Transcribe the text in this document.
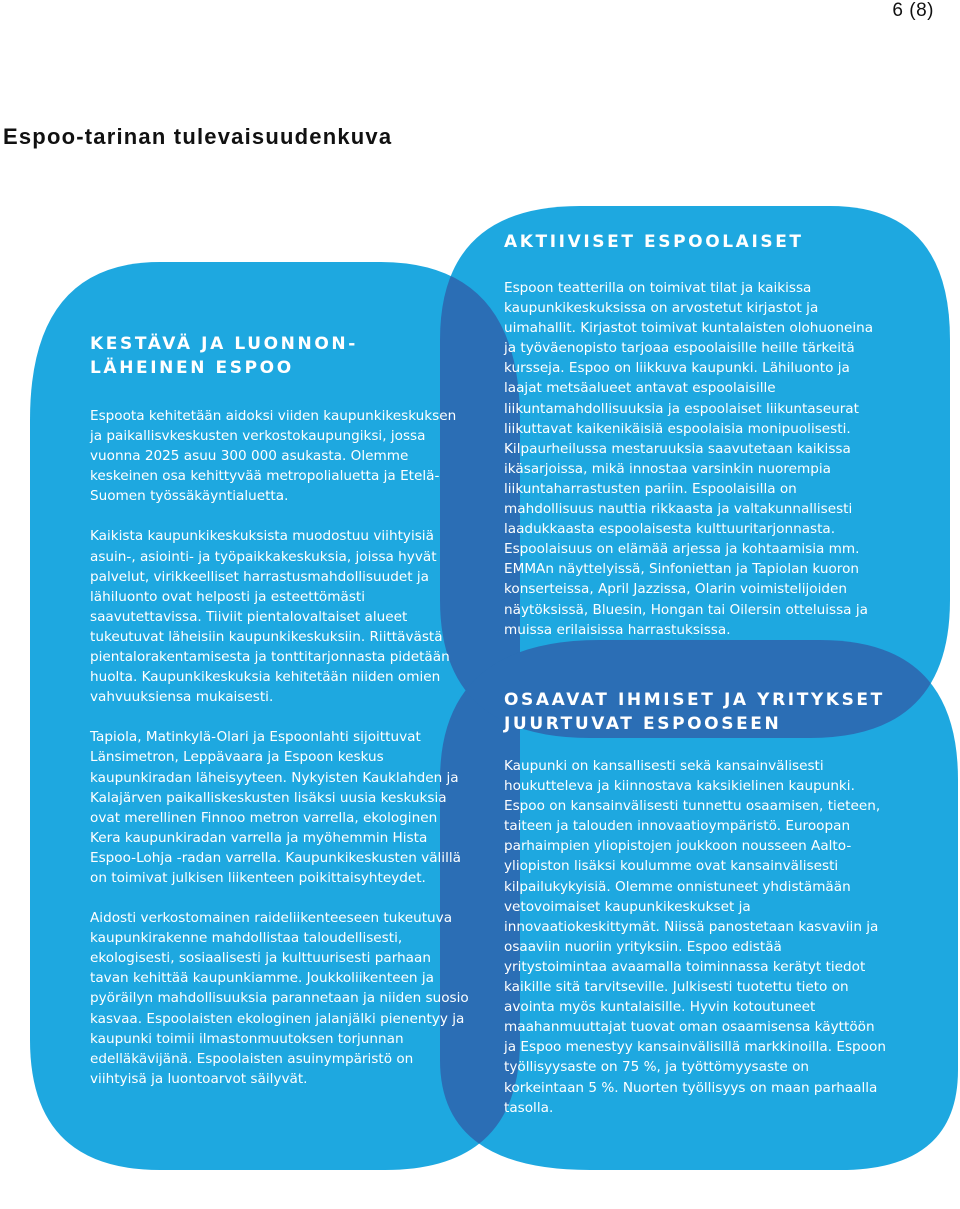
6 (8)
Espoo-tarinan tulevaisuudenkuva
KESTÄVÄ JA LUONNON-
LÄHEINEN ESPOO

Espoota kehitetään aidoksi viiden kaupunkikeskuksen ja paikallisvkeskusten verkostokaupungiksi, jossa vuonna 2025 asuu 300 000 asukasta. Olemme keskeinen osa kehittyvää metropolialuetta ja Etelä-Suomen työssäkäyntialuetta.

Kaikista kaupunkikeskuksista muodostuu viihtyisiä asuin-, asiointi- ja työpaikkakeskuksia, joissa hyvät palvelut, virikkeelliset harrastusmahdollisuudet ja lähiluonto ovat helposti ja esteettömästi saavutettavissa. Tiiviit pientalovaltaiset alueet tukeutuvat läheisiin kaupunkikeskuksiin. Riittävästä pientalorakentamisesta ja tonttitarjonnasta pidetään huolta. Kaupunkikeskuksia kehitetään niiden omien vahvuuksiensa mukaisesti.

Tapiola, Matinkylä-Olari ja Espoonlahti sijoittuvat Länsimetron, Leppävaara ja Espoon keskus kaupunkiradan läheisyyteen. Nykyisten Kauklahden ja Kalajärven paikalliskeskusten lisäksi uusia keskuksia ovat merellinen Finnoo metron varrella, ekologinen Kera kaupunkiradan varrella ja myöhemmin Hista Espoo-Lohja -radan varrella. Kaupunkikeskusten välillä on toimivat julkisen liikenteen poikittaisyhteydet.

Aidosti verkostomainen raideliikenteeseen tukeutuva kaupunkirakenne mahdollistaa taloudellisesti, ekologisesti, sosiaalisesti ja kulttuurisesti parhaan tavan kehittää kaupunkiamme. Joukkoliikenteen ja pyöräilyn mahdollisuuksia parannetaan ja niiden suosio kasvaa. Espoolaisten ekologinen jalanjälki pienentyy ja kaupunki toimii ilmastonmuutoksen torjunnan edelläkävijänä. Espoolaisten asuinympäristö on viihtyisä ja luontoarvot säilyvät.

AKTIIVISET ESPOOLAISET

Espoon teatterilla on toimivat tilat ja kaikissa kaupunkikeskuksissa on arvostetut kirjastot ja uimahallit. Kirjastot toimivat kuntalaisten olohuoneina ja työväenopisto tarjoaa espoolaisille heille tärkeitä kursseja. Espoo on liikkuva kaupunki. Lähiluonto ja laajat metsäalueet antavat espoolaisille liikuntamahdollisuuksia ja espoolaiset liikuntaseurat liikuttavat kaikenikäisiä espoolaisia monipuolisesti. Kilpaurheilussa mestaruuksia saavutetaan kaikissa ikäsarjoissa, mikä innostaa varsinkin nuorempia liikuntaharrastusten pariin. Espoolaisilla on mahdollisuus nauttia rikkaasta ja valtakunnallisesti laadukkaasta espoolaisesta kulttuuritarjonnasta. Espoolaisuus on elämää arjessa ja kohtaamisia mm. EMMAn näyttelyissä, Sinfoniettan ja Tapiolan kuoron konserteissa, April Jazzissa, Olarin voimistelijoiden näytöksissä, Bluesin, Hongan tai Oilersin otteluissa ja muissa erilaisissa harrastuksissa.

OSAAVAT IHMISET JA YRITYKSET
JUURTUVAT ESPOOSEEN

Kaupunki on kansallisesti sekä kansainvälisesti houkutteleva ja kiinnostava kaksikielinen kaupunki. Espoo on kansainvälisesti tunnettu osaamisen, tieteen, taiteen ja talouden innovaatioympäristö. Euroopan parhaimpien yliopistojen joukkoon nousseen Aalto-yliopiston lisäksi koulumme ovat kansainvälisesti kilpailukykyisiä. Olemme onnistuneet yhdistämään vetovoimaiset kaupunkikeskukset ja innovaatiokeskittymät. Niissä panostetaan kasvaviin ja osaaviin nuoriin yrityksiin. Espoo edistää yritystoimintaa avaamalla toiminnassa kerätyt tiedot kaikille sitä tarvitseville. Julkisesti tuotettu tieto on avointa myös kuntalaisille. Hyvin kotoutuneet maahanmuuttajat tuovat oman osaamisensa käyttöön ja Espoo menestyy kansainvälisillä markkinoilla. Espoon työllisyysaste on 75 %, ja työttömyysaste on korkeintaan 5 %. Nuorten työllisyys on maan parhaalla tasolla.
